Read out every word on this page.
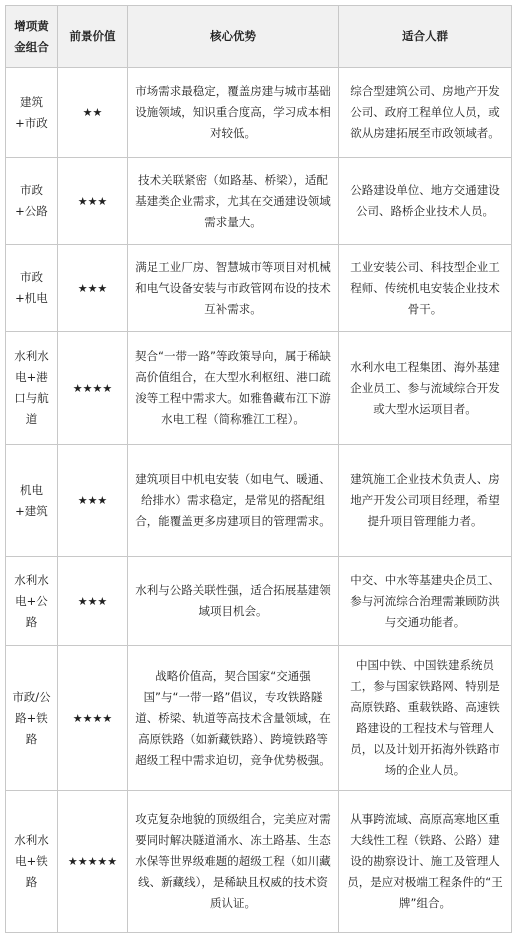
增项黄金组合	前景价值	核心优势	适合人群
建筑+市政	★★	市场需求最稳定，覆盖房建与城市基础设施领域，知识重合度高，学习成本相对较低。	综合型建筑公司、房地产开发公司、政府工程单位人员，或欲从房建拓展至市政领域者。
市政+公路	★★★	技术关联紧密（如路基、桥梁），适配基建类企业需求，尤其在交通建设领域需求量大。	公路建设单位、地方交通建设公司、路桥企业技术人员。
市政+机电	★★★	满足工业厂房、智慧城市等项目对机械和电气设备安装与市政管网布设的技术互补需求。	工业安装公司、科技型企业工程师、传统机电安装企业技术骨干。
水利水电+港口与航道	★★★★	契合“一带一路”等政策导向，属于稀缺高价值组合，在大型水利枢纽、港口疏浚等工程中需求大。如雅鲁藏布江下游水电工程（简称雅江工程）。	水利水电工程集团、海外基建企业员工、参与流域综合开发或大型水运项目者。
机电+建筑	★★★	建筑项目中机电安装（如电气、暖通、给排水）需求稳定，是常见的搭配组合，能覆盖更多房建项目的管理需求。	建筑施工企业技术负责人、房地产开发公司项目经理，希望提升项目管理能力者。
水利水电+公路	★★★	水利与公路关联性强，适合拓展基建领域项目机会。	中交、中水等基建央企员工、参与河流综合治理需兼顾防洪与交通功能者。
市政/公路+铁路	★★★★	战略价值高，契合国家“交通强国”与“一带一路”倡议，专攻铁路隧道、桥梁、轨道等高技术含量领域，在高原铁路（如新藏铁路）、跨境铁路等超级工程中需求迫切，竞争优势极强。	中国中铁、中国铁建系统员工，参与国家铁路网、特别是高原铁路、重载铁路、高速铁路建设的工程技术与管理人员，以及计划开拓海外铁路市场的企业人员。
水利水电+铁路	★★★★★	攻克复杂地貌的顶级组合，完美应对需要同时解决隧道涌水、冻土路基、生态水保等世界级难题的超级工程（如川藏线、新藏线），是稀缺且权威的技术资质认证。	从事跨流域、高原高寒地区重大线性工程（铁路、公路）建设的勘察设计、施工及管理人员，是应对极端工程条件的“王牌”组合。
